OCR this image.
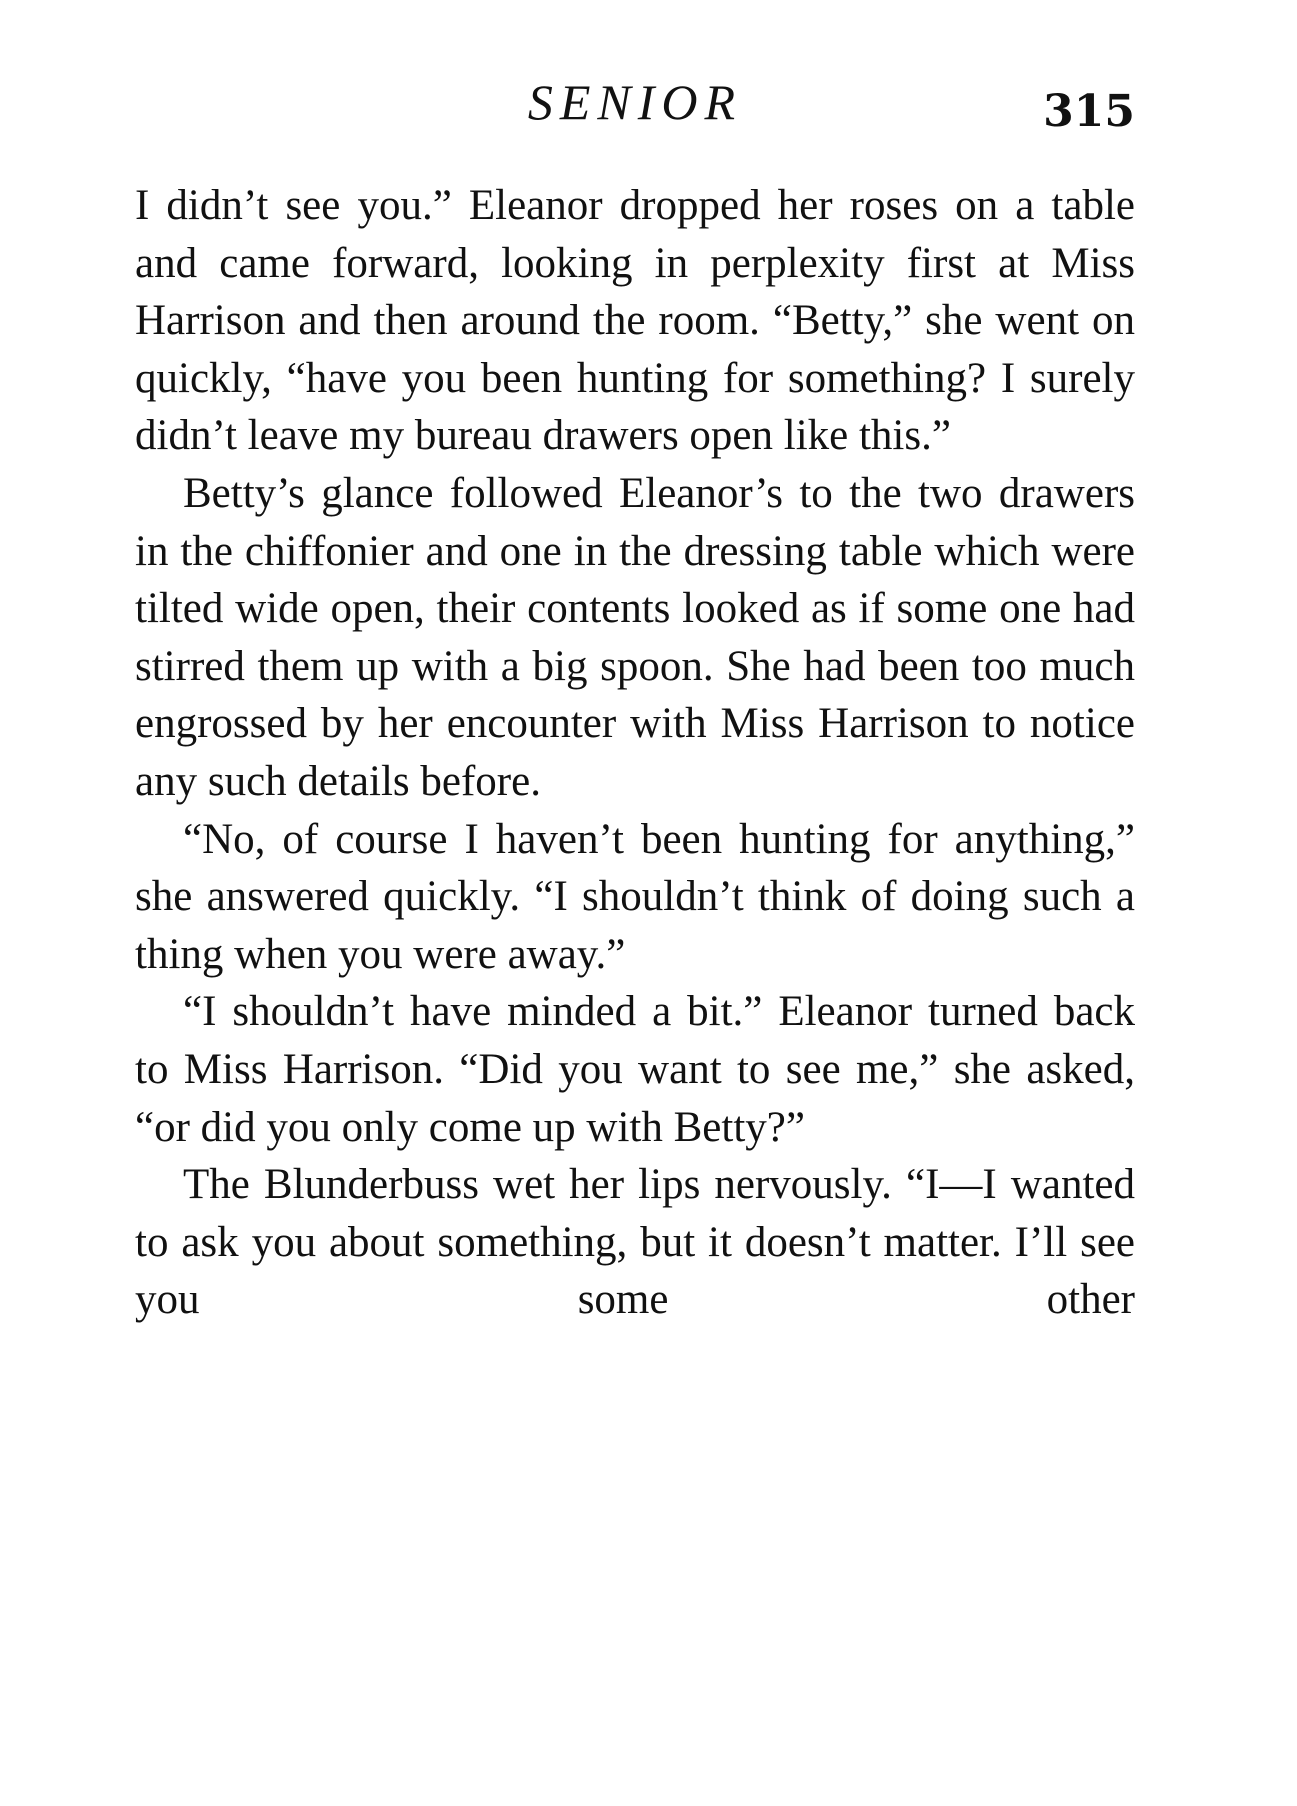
SENIOR	315

I didn’t see you.” Eleanor dropped her roses on a table and came forward, looking in perplexity first at Miss Harrison and then around the room. “Betty,” she went on quickly, “have you been hunting for something? I surely didn’t leave my bureau drawers open like this.”

Betty’s glance followed Eleanor’s to the two drawers in the chiffonier and one in the dressing table which were tilted wide open, their contents looked as if some one had stirred them up with a big spoon. She had been too much engrossed by her encounter with Miss Harrison to notice any such details before.

“No, of course I haven’t been hunting for anything,” she answered quickly. “I shouldn’t think of doing such a thing when you were away.”

“I shouldn’t have minded a bit.” Eleanor turned back to Miss Harrison. “Did you want to see me,” she asked, “or did you only come up with Betty?”

The Blunderbuss wet her lips nervously. “I—I wanted to ask you about something, but it doesn’t matter. I’ll see you some other
